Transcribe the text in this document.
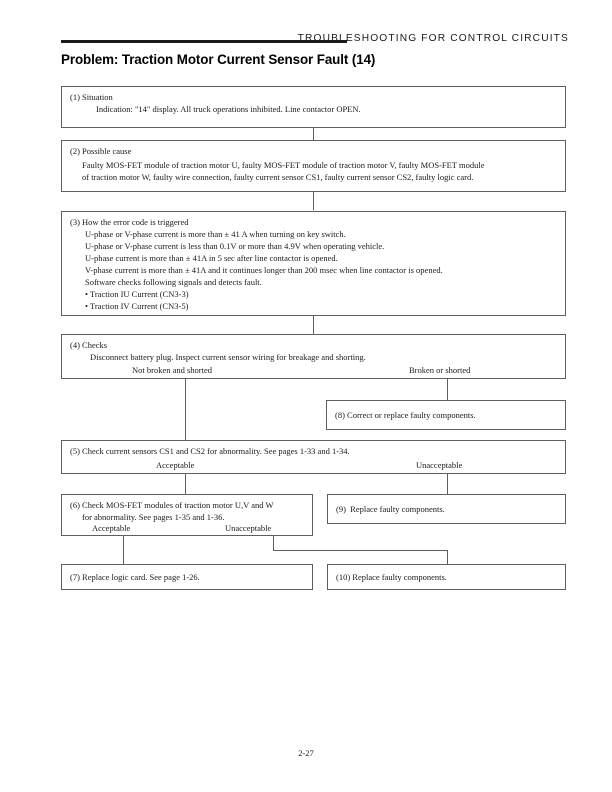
TROUBLESHOOTING FOR CONTROL CIRCUITS
Problem: Traction Motor Current Sensor Fault (14)
(1) Situation
Indication: "14" display. All truck operations inhibited. Line contactor OPEN.
(2) Possible cause
Faulty MOS-FET module of traction motor U, faulty MOS-FET module of traction motor V, faulty MOS-FET module
of traction motor W, faulty wire connection, faulty current sensor CS1, faulty current sensor CS2, faulty logic card.
(3) How the error code is triggered
U-phase or V-phase current is more than ± 41 A when turning on key switch.
U-phase or V-phase current is less than 0.1V or more than 4.9V when operating vehicle.
U-phase current is more than ± 41A in 5 sec after line contactor is opened.
V-phase current is more than ± 41A and it continues longer than 200 msec when line contactor is opened.
Software checks following signals and detects fault.
• Traction IU Current (CN3-3)
• Traction IV Current (CN3-5)
(4) Checks
Disconnect battery plug. Inspect current sensor wiring for breakage and shorting.
Not broken and shorted	Broken or shorted
(8) Correct or replace faulty components.
(5) Check current sensors CS1 and CS2 for abnormality. See pages 1-33 and 1-34.
Acceptable	Unacceptable
(6) Check MOS-FET modules of traction motor U,V and W
for abnormality. See pages 1-35 and 1-36.
Acceptable	Unacceptable
(9)  Replace faulty components.
(7) Replace logic card. See page 1-26.	(10) Replace faulty components.
2-27
